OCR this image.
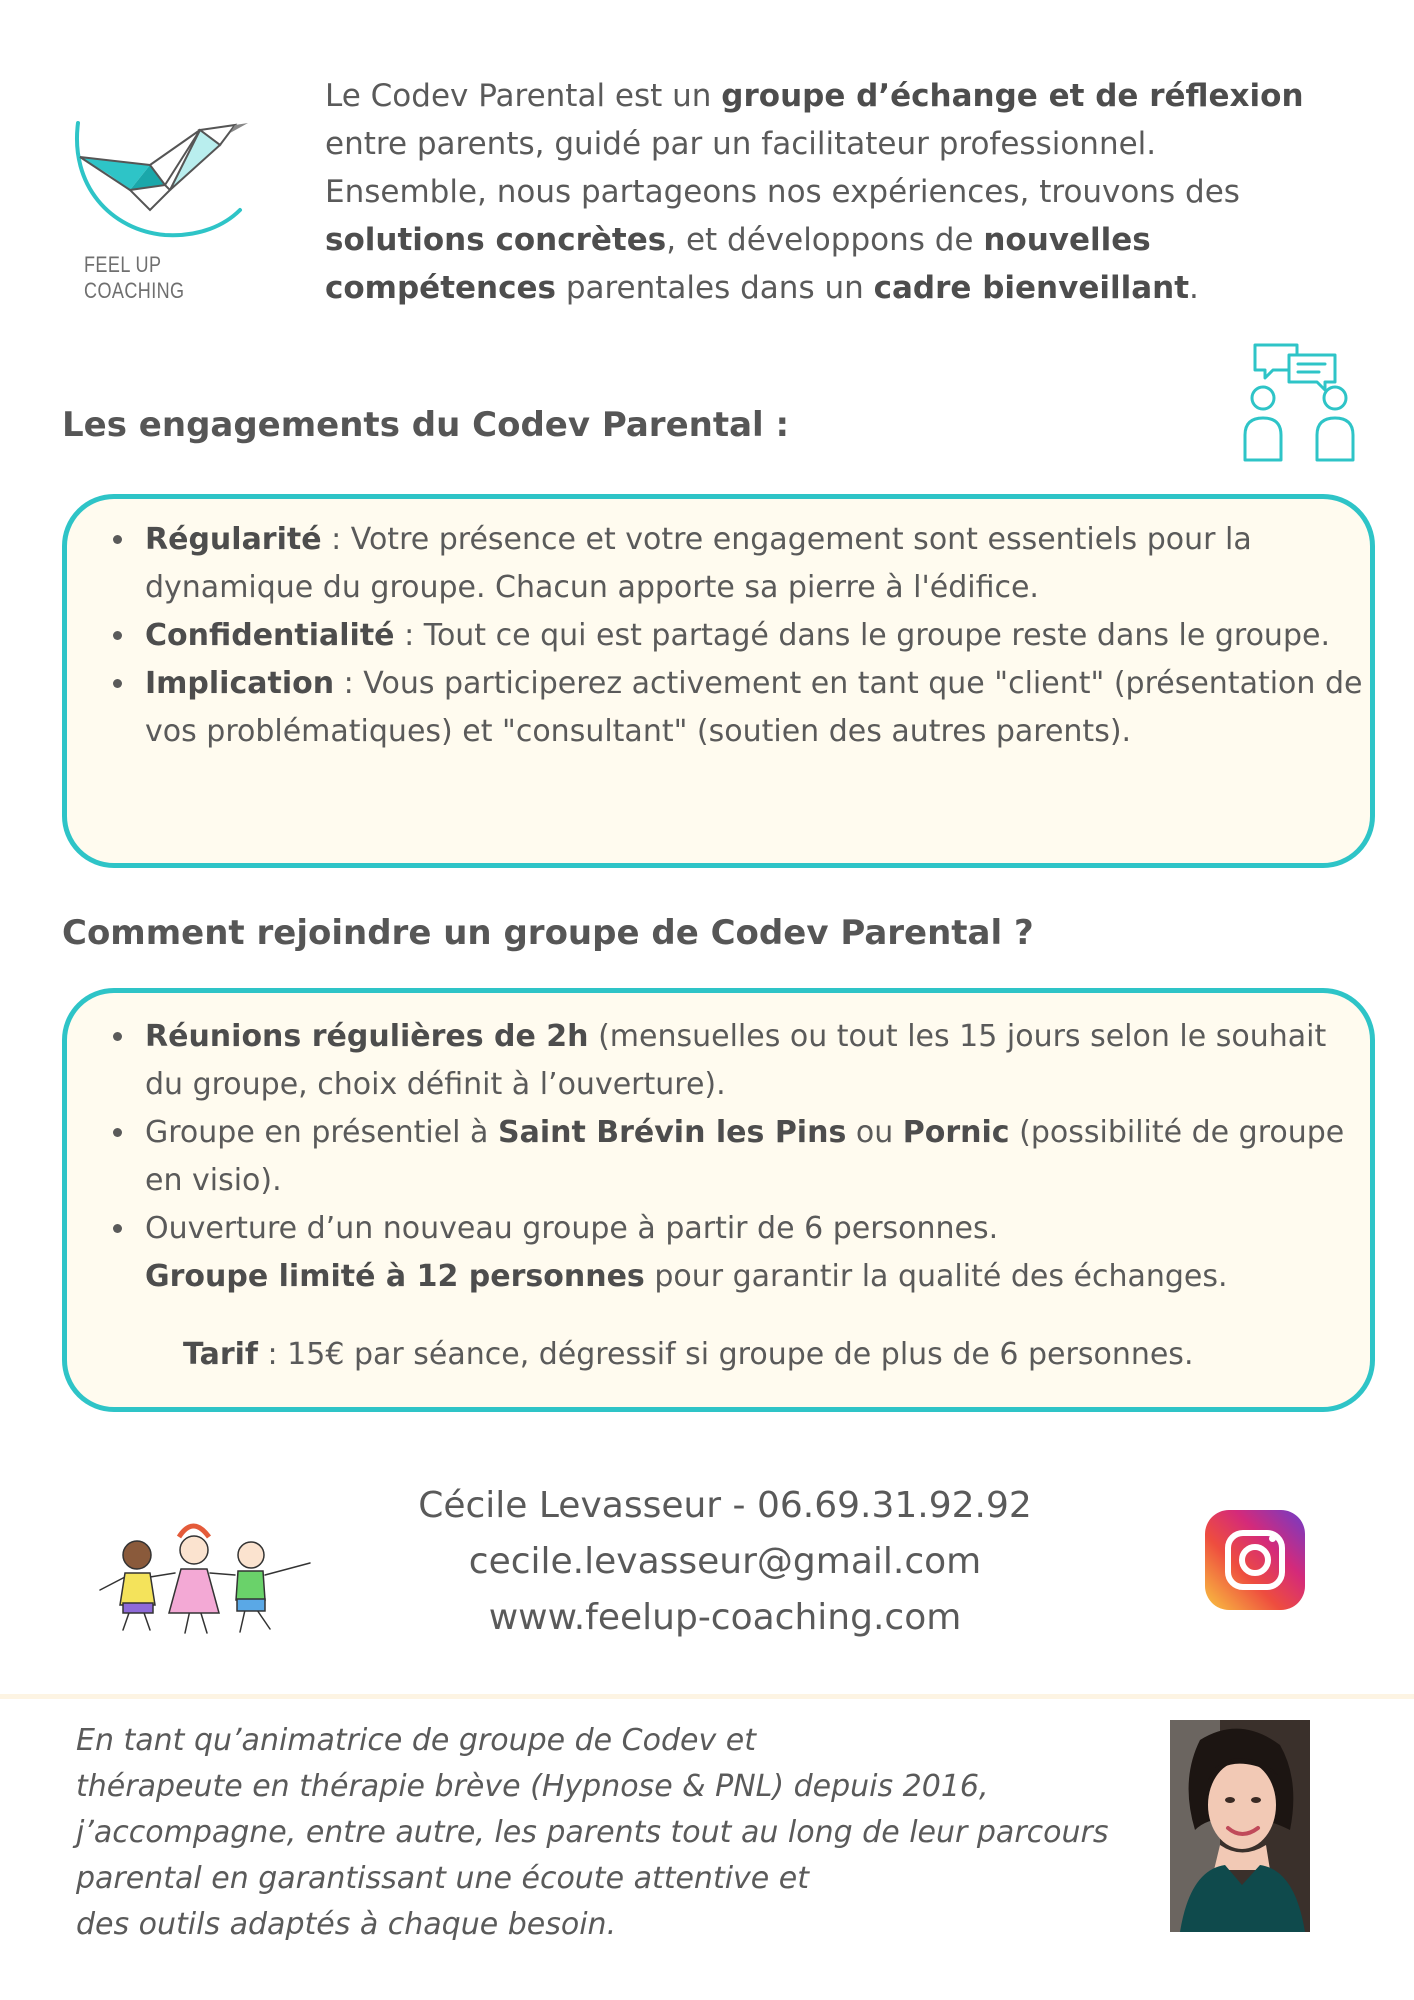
FEEL UP COACHING
Le Codev Parental est un groupe d’échange et de réflexion
entre parents, guidé par un facilitateur professionnel.
Ensemble, nous partageons nos expériences, trouvons des
solutions concrètes, et développons de nouvelles
compétences parentales dans un cadre bienveillant.
Les engagements du Codev Parental :
Régularité : Votre présence et votre engagement sont essentiels pour la dynamique du groupe. Chacun apporte sa pierre à l'édifice.
Confidentialité : Tout ce qui est partagé dans le groupe reste dans le groupe.
Implication : Vous participerez activement en tant que "client" (présentation de vos problématiques) et "consultant" (soutien des autres parents).
Comment rejoindre un groupe de Codev Parental ?
Réunions régulières de 2h (mensuelles ou tout les 15 jours selon le souhait du groupe, choix définit à l’ouverture).
Groupe en présentiel à Saint Brévin les Pins ou Pornic (possibilité de groupe en visio).
Ouverture d’un nouveau groupe à partir de 6 personnes.
Groupe limité à 12 personnes pour garantir la qualité des échanges.
Tarif : 15€ par séance, dégressif si groupe de plus de 6 personnes.
Cécile Levasseur - 06.69.31.92.92
cecile.levasseur@gmail.com
www.feelup-coaching.com
En tant qu’animatrice de groupe de Codev et
thérapeute en thérapie brève (Hypnose & PNL) depuis 2016,
j’accompagne, entre autre, les parents tout au long de leur parcours
parental en garantissant une écoute attentive et
des outils adaptés à chaque besoin.
